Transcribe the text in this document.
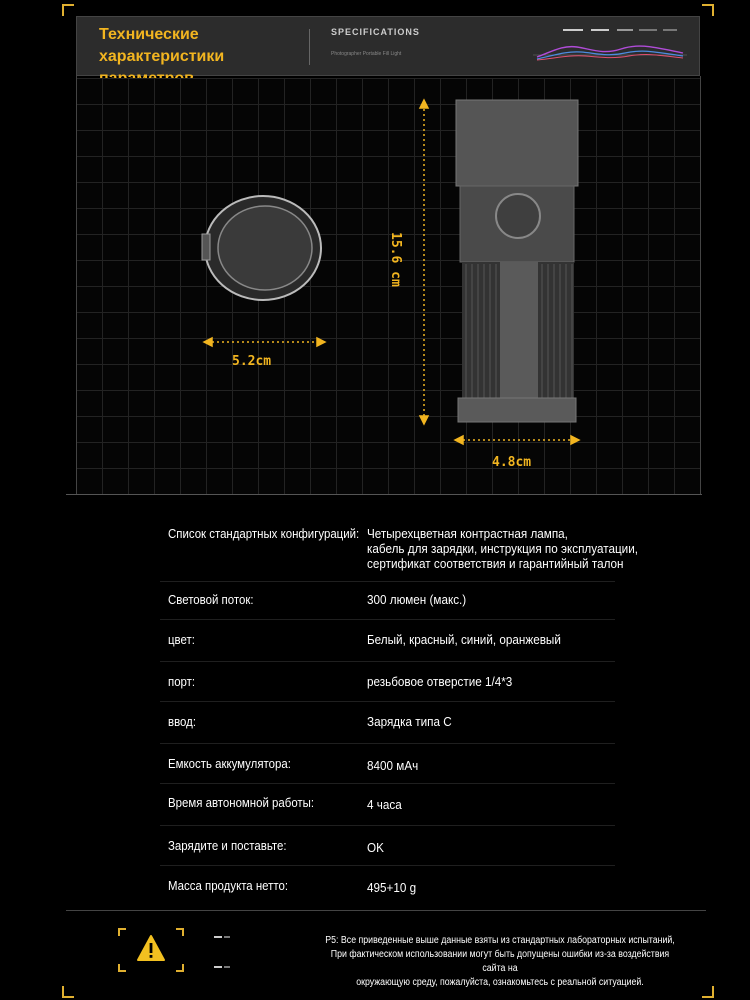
Технические характеристики
SPECIFICATIONS
Photographer Portable Fill Light
5.2cm
4.8cm
15.6 cm
Список стандартных конфигураций: Четырехцветная контрастная лампа,
кабель для зарядки, инструкция по эксплуатации,
сертификат соответствия и гарантийный талон
Световой поток:	300 люмен (макс.)
цвет:	Белый, красный, синий, оранжевый
порт:	резьбовое отверстие 1/4*3
ввод:	Зарядка типа C
Емкость аккумулятора:	8400 мАч
Время автономной работы:	4 часа
Зарядите и поставьте:	OK
Масса продукта нетто:	495+10 g
P5: Все приведенные выше данные взяты из стандартных лабораторных испытаний,
При фактическом использовании могут быть допущены ошибки из-за воздействия сайта на
окружающую среду, пожалуйста, ознакомьтесь с реальной ситуацией.
